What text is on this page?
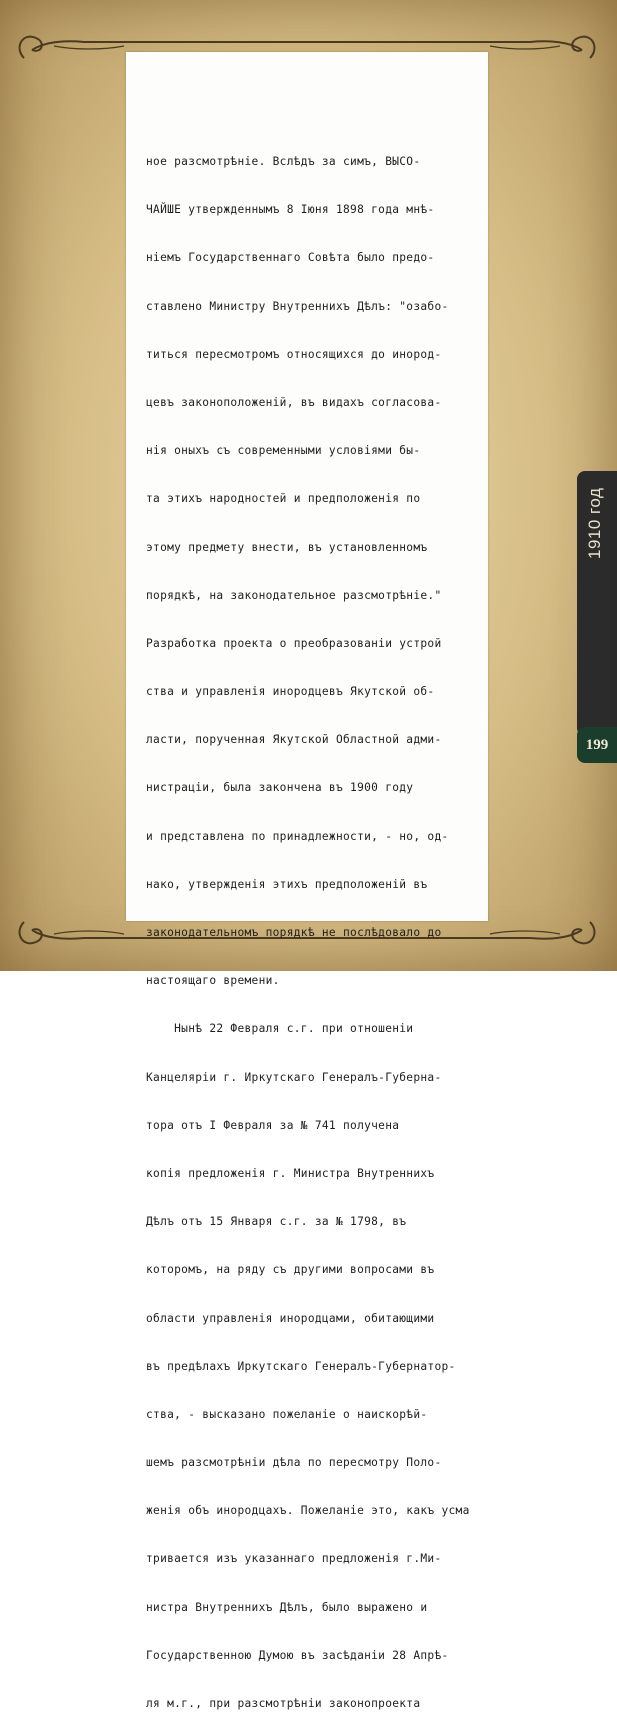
ное разсмотрѣнiе. Вслѣдъ за симъ, ВЫСО-

ЧАЙШЕ утвержденнымъ 8 Iюня 1898 года мнѣ-

нiемъ Государственнаго Совѣта было предо-

ставлено Министру Внутреннихъ Дѣлъ: "озабо-

титься пересмотромъ относящихся до инород-

цевъ законоположенiй, въ видахъ согласова-

нiя оныхъ съ современными условiями бы-

та этихъ народностей и предположенiя по

этому предмету внести, въ установленномъ

порядкѣ, на законодательное разсмотрѣнiе."

Разработка проекта о преобразованiи устрой

ства и управленiя инородцевъ Якутской об-

ласти, порученная Якутской Областной адми-

нистрацiи, была закончена въ 1900 году

и представлена по принадлежности, - но, од-

нако, утвержденiя этихъ предположенiй въ

законодательномъ порядкѣ не послѣдовало до

настоящаго времени.

Нынѣ 22 Февраля с.г. при отношенiи

Канцелярiи г. Иркутскаго Генералъ-Губерна-

тора отъ I Февраля за № 741 получена

копiя предложенiя г. Министра Внутреннихъ

Дѣлъ отъ 15 Января с.г. за № 1798, въ

которомъ, на ряду съ другими вопросами въ

области управленiя инородцами, обитающими

въ предѣлахъ Иркутскаго Генералъ-Губернатор-

ства, - высказано пожеланiе о наискорѣй-

шемъ разсмотрѣнiи дѣла по пересмотру Поло-

женiя объ инородцахъ. Пожеланiе это, какъ усма

тривается изъ указаннаго предложенiя г.Ми-

нистра Внутреннихъ Дѣлъ, было выражено и

Государственною Думою въ засѣданiи 28 Апрѣ-

ля м.г., при разсмотрѣнiи законопроекта

1910 год
199
